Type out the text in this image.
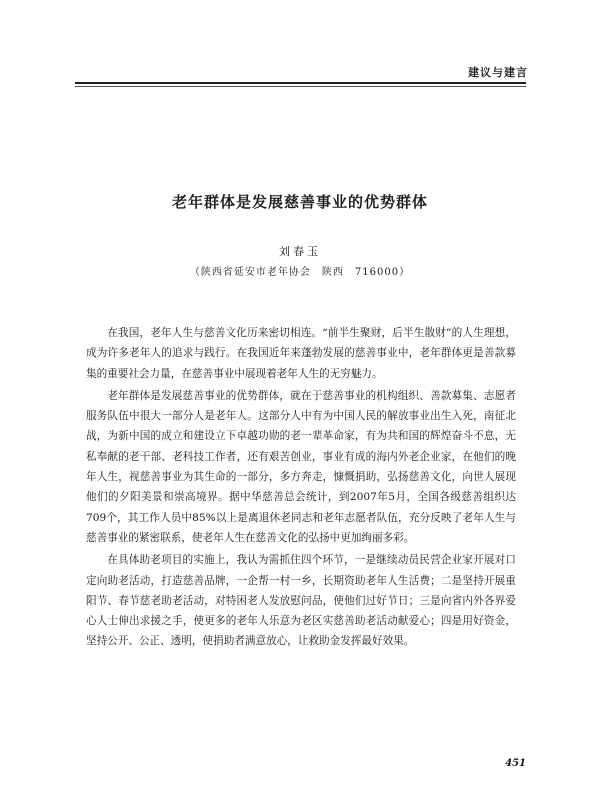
建议与建言
老年群体是发展慈善事业的优势群体
刘春玉
（陕西省延安市老年协会　陕西　716000）

在我国，老年人生与慈善文化历来密切相连。“前半生聚财，后半生散财”的人生理想，成为许多老年人的追求与践行。在我国近年来蓬勃发展的慈善事业中，老年群体更是善款募集的重要社会力量，在慈善事业中展现着老年人生的无穷魅力。

老年群体是发展慈善事业的优势群体，就在于慈善事业的机构组织、善款募集、志愿者服务队伍中很大一部分人是老年人。这部分人中有为中国人民的解放事业出生入死，南征北战，为新中国的成立和建设立下卓越功勋的老一辈革命家，有为共和国的辉煌奋斗不息，无私奉献的老干部、老科技工作者，还有艰苦创业，事业有成的海内外老企业家，在他们的晚年人生，视慈善事业为其生命的一部分，多方奔走，慷慨捐助，弘扬慈善文化，向世人展现他们的夕阳美景和崇高境界。据中华慈善总会统计，到2007年5月，全国各级慈善组织达709个，其工作人员中85%以上是离退休老同志和老年志愿者队伍，充分反映了老年人生与慈善事业的紧密联系，使老年人生在慈善文化的弘扬中更加绚丽多彩。

在具体助老项目的实施上，我认为需抓住四个环节，一是继续动员民营企业家开展对口定向助老活动，打造慈善品牌，一企帮一村一乡，长期资助老年人生活费；二是坚持开展重阳节、春节慈老助老活动，对特困老人发放慰问品，使他们过好节日；三是向省内外各界爱心人士伸出求援之手，使更多的老年人乐意为老区实慈善助老活动献爱心；四是用好资金，坚持公开、公正、透明，使捐助者满意放心，让救助金发挥最好效果。

451
